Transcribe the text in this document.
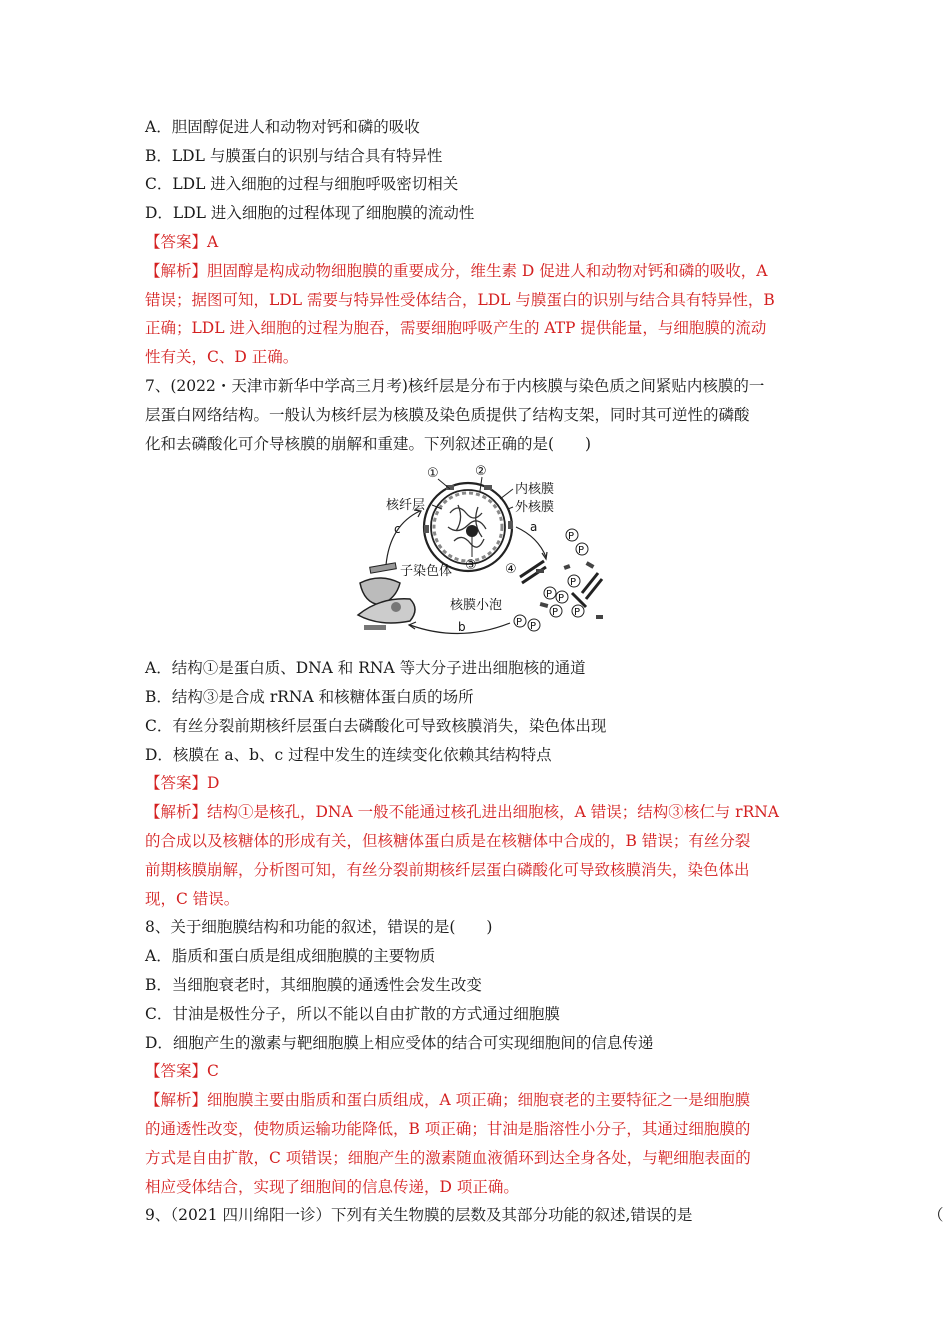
A．胆固醇促进人和动物对钙和磷的吸收
B．LDL 与膜蛋白的识别与结合具有特异性
C．LDL 进入细胞的过程与细胞呼吸密切相关
D．LDL 进入细胞的过程体现了细胞膜的流动性
【答案】A
【解析】胆固醇是构成动物细胞膜的重要成分，维生素 D 促进人和动物对钙和磷的吸收，A
错误；据图可知，LDL 需要与特异性受体结合，LDL 与膜蛋白的识别与结合具有特异性，B
正确；LDL 进入细胞的过程为胞吞，需要细胞呼吸产生的 ATP 提供能量，与细胞膜的流动
性有关，C、D 正确。
7、(2022・天津市新华中学高三月考)核纤层是分布于内核膜与染色质之间紧贴内核膜的一
层蛋白网络结构。一般认为核纤层为核膜及染色质提供了结构支架，同时其可逆性的磷酸
化和去磷酸化可介导核膜的崩解和重建。下列叙述正确的是(　　)
①	②
③ ④
核纤层
内核膜
外核膜
子染色体
核膜小泡
a
b
c
P
P
P P
P
P
P P
P
A．结构①是蛋白质、DNA 和 RNA 等大分子进出细胞核的通道
B．结构③是合成 rRNA 和核糖体蛋白质的场所
C．有丝分裂前期核纤层蛋白去磷酸化可导致核膜消失，染色体出现
D．核膜在 a、b、c 过程中发生的连续变化依赖其结构特点
【答案】D
【解析】结构①是核孔，DNA 一般不能通过核孔进出细胞核，A 错误；结构③核仁与 rRNA
的合成以及核糖体的形成有关，但核糖体蛋白质是在核糖体中合成的，B 错误；有丝分裂
前期核膜崩解，分析图可知，有丝分裂前期核纤层蛋白磷酸化可导致核膜消失，染色体出
现，C 错误。
8、关于细胞膜结构和功能的叙述，错误的是(　　)
A．脂质和蛋白质是组成细胞膜的主要物质
B．当细胞衰老时，其细胞膜的通透性会发生改变
C．甘油是极性分子，所以不能以自由扩散的方式通过细胞膜
D．细胞产生的激素与靶细胞膜上相应受体的结合可实现细胞间的信息传递
【答案】C
【解析】细胞膜主要由脂质和蛋白质组成，A 项正确；细胞衰老的主要特征之一是细胞膜
的通透性改变，使物质运输功能降低，B 项正确；甘油是脂溶性小分子，其通过细胞膜的
方式是自由扩散，C 项错误；细胞产生的激素随血液循环到达全身各处，与靶细胞表面的
相应受体结合，实现了细胞间的信息传递，D 项正确。
9、（2021 四川绵阳一诊）下列有关生物膜的层数及其部分功能的叙述,错误的是	（
